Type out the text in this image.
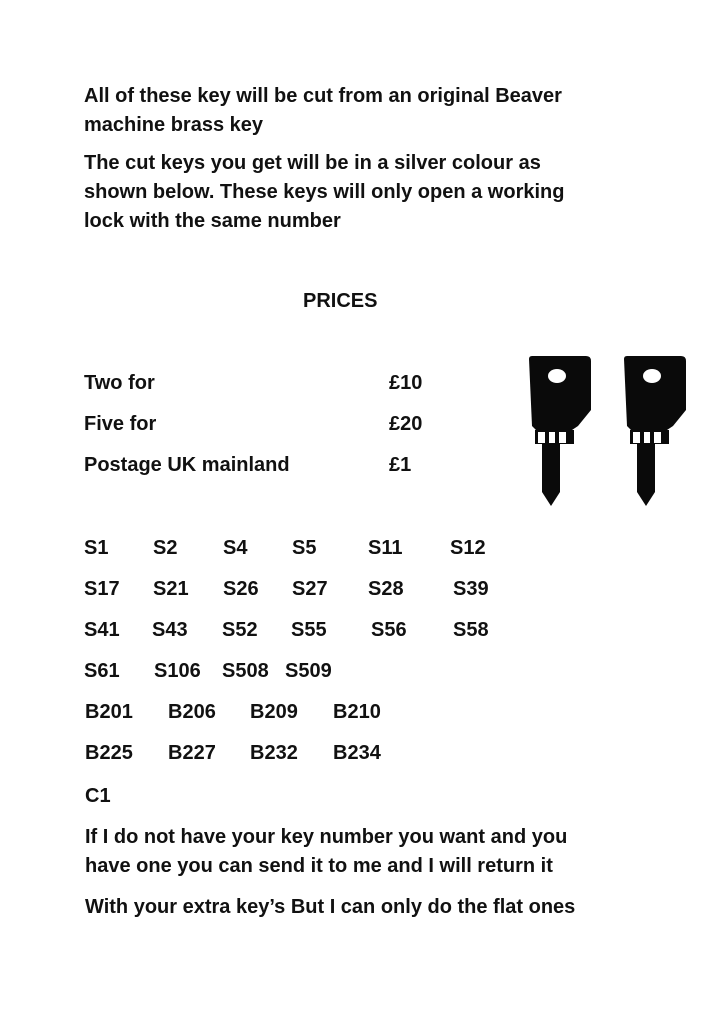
All of these key will be cut from an original Beaver

machine brass key

The cut keys you get will be in a silver colour as

shown below. These keys will only open a working

lock with the same number

PRICES
Two for	£10
Five for	£20
Postage UK mainland	£1
S1 S2 S4 S5	S11 S12
S17 S21 S26 S27 S28 S39
S41 S43 S52 S55 S56 S58
S61 S106 S508 S509
B201 B206 B209 B210
B225 B227 B232 B234
C1

If I do not have your key number you want and you

have one you can send it to me and I will return it

With your extra key’s But I can only do the flat ones
